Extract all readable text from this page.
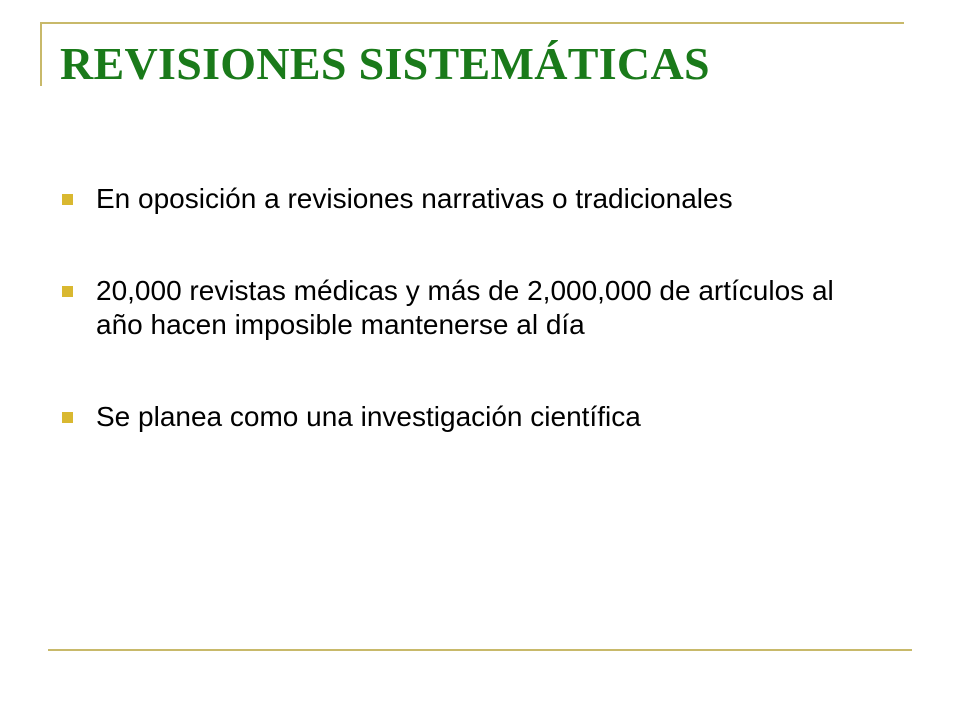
REVISIONES SISTEMÁTICAS
En oposición a revisiones narrativas o tradicionales
20,000 revistas médicas y más de 2,000,000 de artículos al año hacen imposible mantenerse al día
Se planea como una investigación científica
